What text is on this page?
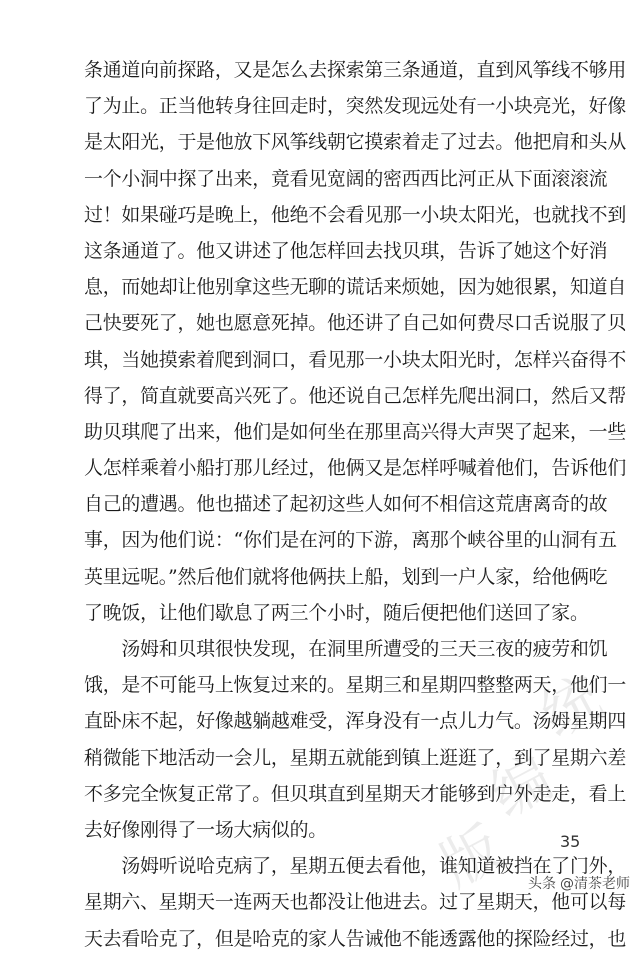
统
编
版
条通道向前探路，又是怎么去探索第三条通道，直到风筝线不够用
了为止。正当他转身往回走时，突然发现远处有一小块亮光，好像
是太阳光，于是他放下风筝线朝它摸索着走了过去。他把肩和头从
一个小洞中探了出来，竟看见宽阔的密西西比河正从下面滚滚流
过！如果碰巧是晚上，他绝不会看见那一小块太阳光，也就找不到
这条通道了。他又讲述了他怎样回去找贝琪，告诉了她这个好消
息，而她却让他别拿这些无聊的谎话来烦她，因为她很累，知道自
己快要死了，她也愿意死掉。他还讲了自己如何费尽口舌说服了贝
琪，当她摸索着爬到洞口，看见那一小块太阳光时，怎样兴奋得不
得了，简直就要高兴死了。他还说自己怎样先爬出洞口，然后又帮
助贝琪爬了出来，他们是如何坐在那里高兴得大声哭了起来，一些
人怎样乘着小船打那儿经过，他俩又是怎样呼喊着他们，告诉他们
自己的遭遇。他也描述了起初这些人如何不相信这荒唐离奇的故
事，因为他们说：“你们是在河的下游，离那个峡谷里的山洞有五
英里远呢。”然后他们就将他俩扶上船，划到一户人家，给他俩吃
了晚饭，让他们歇息了两三个小时，随后便把他们送回了家。
　　汤姆和贝琪很快发现，在洞里所遭受的三天三夜的疲劳和饥
饿，是不可能马上恢复过来的。星期三和星期四整整两天，他们一
直卧床不起，好像越躺越难受，浑身没有一点儿力气。汤姆星期四
稍微能下地活动一会儿，星期五就能到镇上逛逛了，到了星期六差
不多完全恢复正常了。但贝琪直到星期天才能够到户外走走，看上
去好像刚得了一场大病似的。
　　汤姆听说哈克病了，星期五便去看他，谁知道被挡在了门外，
星期六、星期天一连两天也都没让他进去。过了星期天，他可以每
天去看哈克了，但是哈克的家人告诫他不能透露他的探险经过，也
35
头条 @清茶老师
